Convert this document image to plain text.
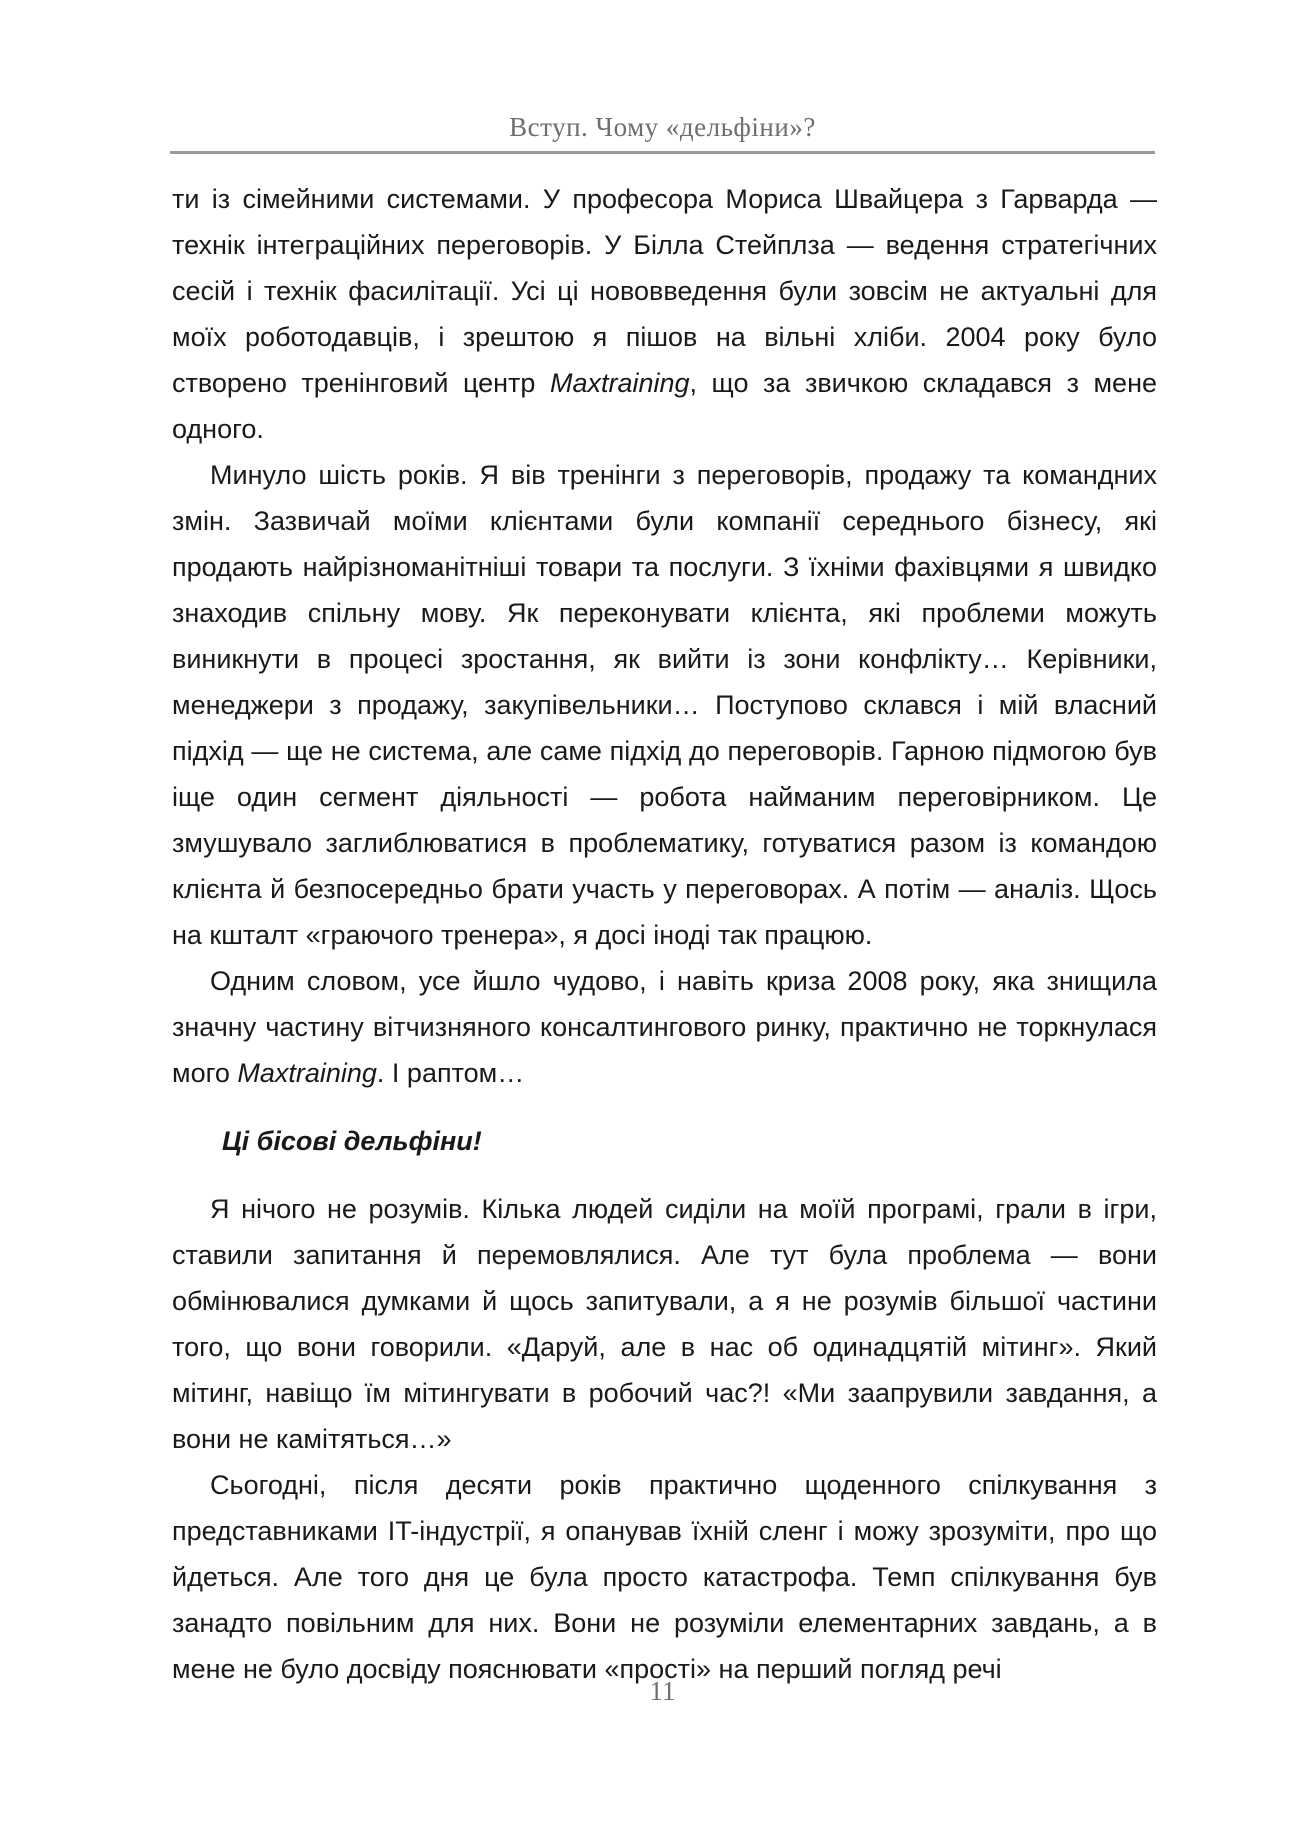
Вступ. Чому «дельфіни»?

ти із сімейними системами. У професора Мориса Швайцера з Гарварда — технік інтеграційних переговорів. У Білла Стейплза — ведення стратегічних сесій і технік фасилітації. Усі ці нововведення були зовсім не актуальні для моїх роботодавців, і зрештою я пішов на вільні хліби. 2004 року було створено тренінговий центр Maxtraining, що за звичкою складався з мене одного.

Минуло шість років. Я вів тренінги з переговорів, продажу та командних змін. Зазвичай моїми клієнтами були компанії середнього бізнесу, які продають найрізноманітніші товари та послуги. З їхніми фахівцями я швидко знаходив спільну мову. Як переконувати клієнта, які проблеми можуть виникнути в процесі зростання, як вийти із зони конфлікту… Керівники, менеджери з продажу, закупівельники… Поступово склався і мій власний підхід — ще не система, але саме підхід до переговорів. Гарною підмогою був іще один сегмент діяльності — робота найманим переговірником. Це змушувало заглиблюватися в проблематику, готуватися разом із командою клієнта й безпосередньо брати участь у переговорах. А потім — аналіз. Щось на кшталт «граючого тренера», я досі іноді так працюю.

Одним словом, усе йшло чудово, і навіть криза 2008 року, яка знищила значну частину вітчизняного консалтингового ринку, практично не торкнулася мого Maxtraining. І раптом…

Ці бісові дельфіни!

Я нічого не розумів. Кілька людей сиділи на моїй програмі, грали в ігри, ставили запитання й перемовлялися. Але тут була проблема — вони обмінювалися думками й щось запитували, а я не розумів більшої частини того, що вони говорили. «Даруй, але в нас об одинадцятій мітинг». Який мітинг, навіщо їм мітингувати в робочий час?! «Ми заапрувили завдання, а вони не камітяться…»

Сьогодні, після десяти років практично щоденного спілкування з представниками IT-індустрії, я опанував їхній сленг і можу зрозуміти, про що йдеться. Але того дня це була просто катастрофа. Темп спілкування був занадто повільним для них. Вони не розуміли елементарних завдань, а в мене не було досвіду пояснювати «прості» на перший погляд речі

11
